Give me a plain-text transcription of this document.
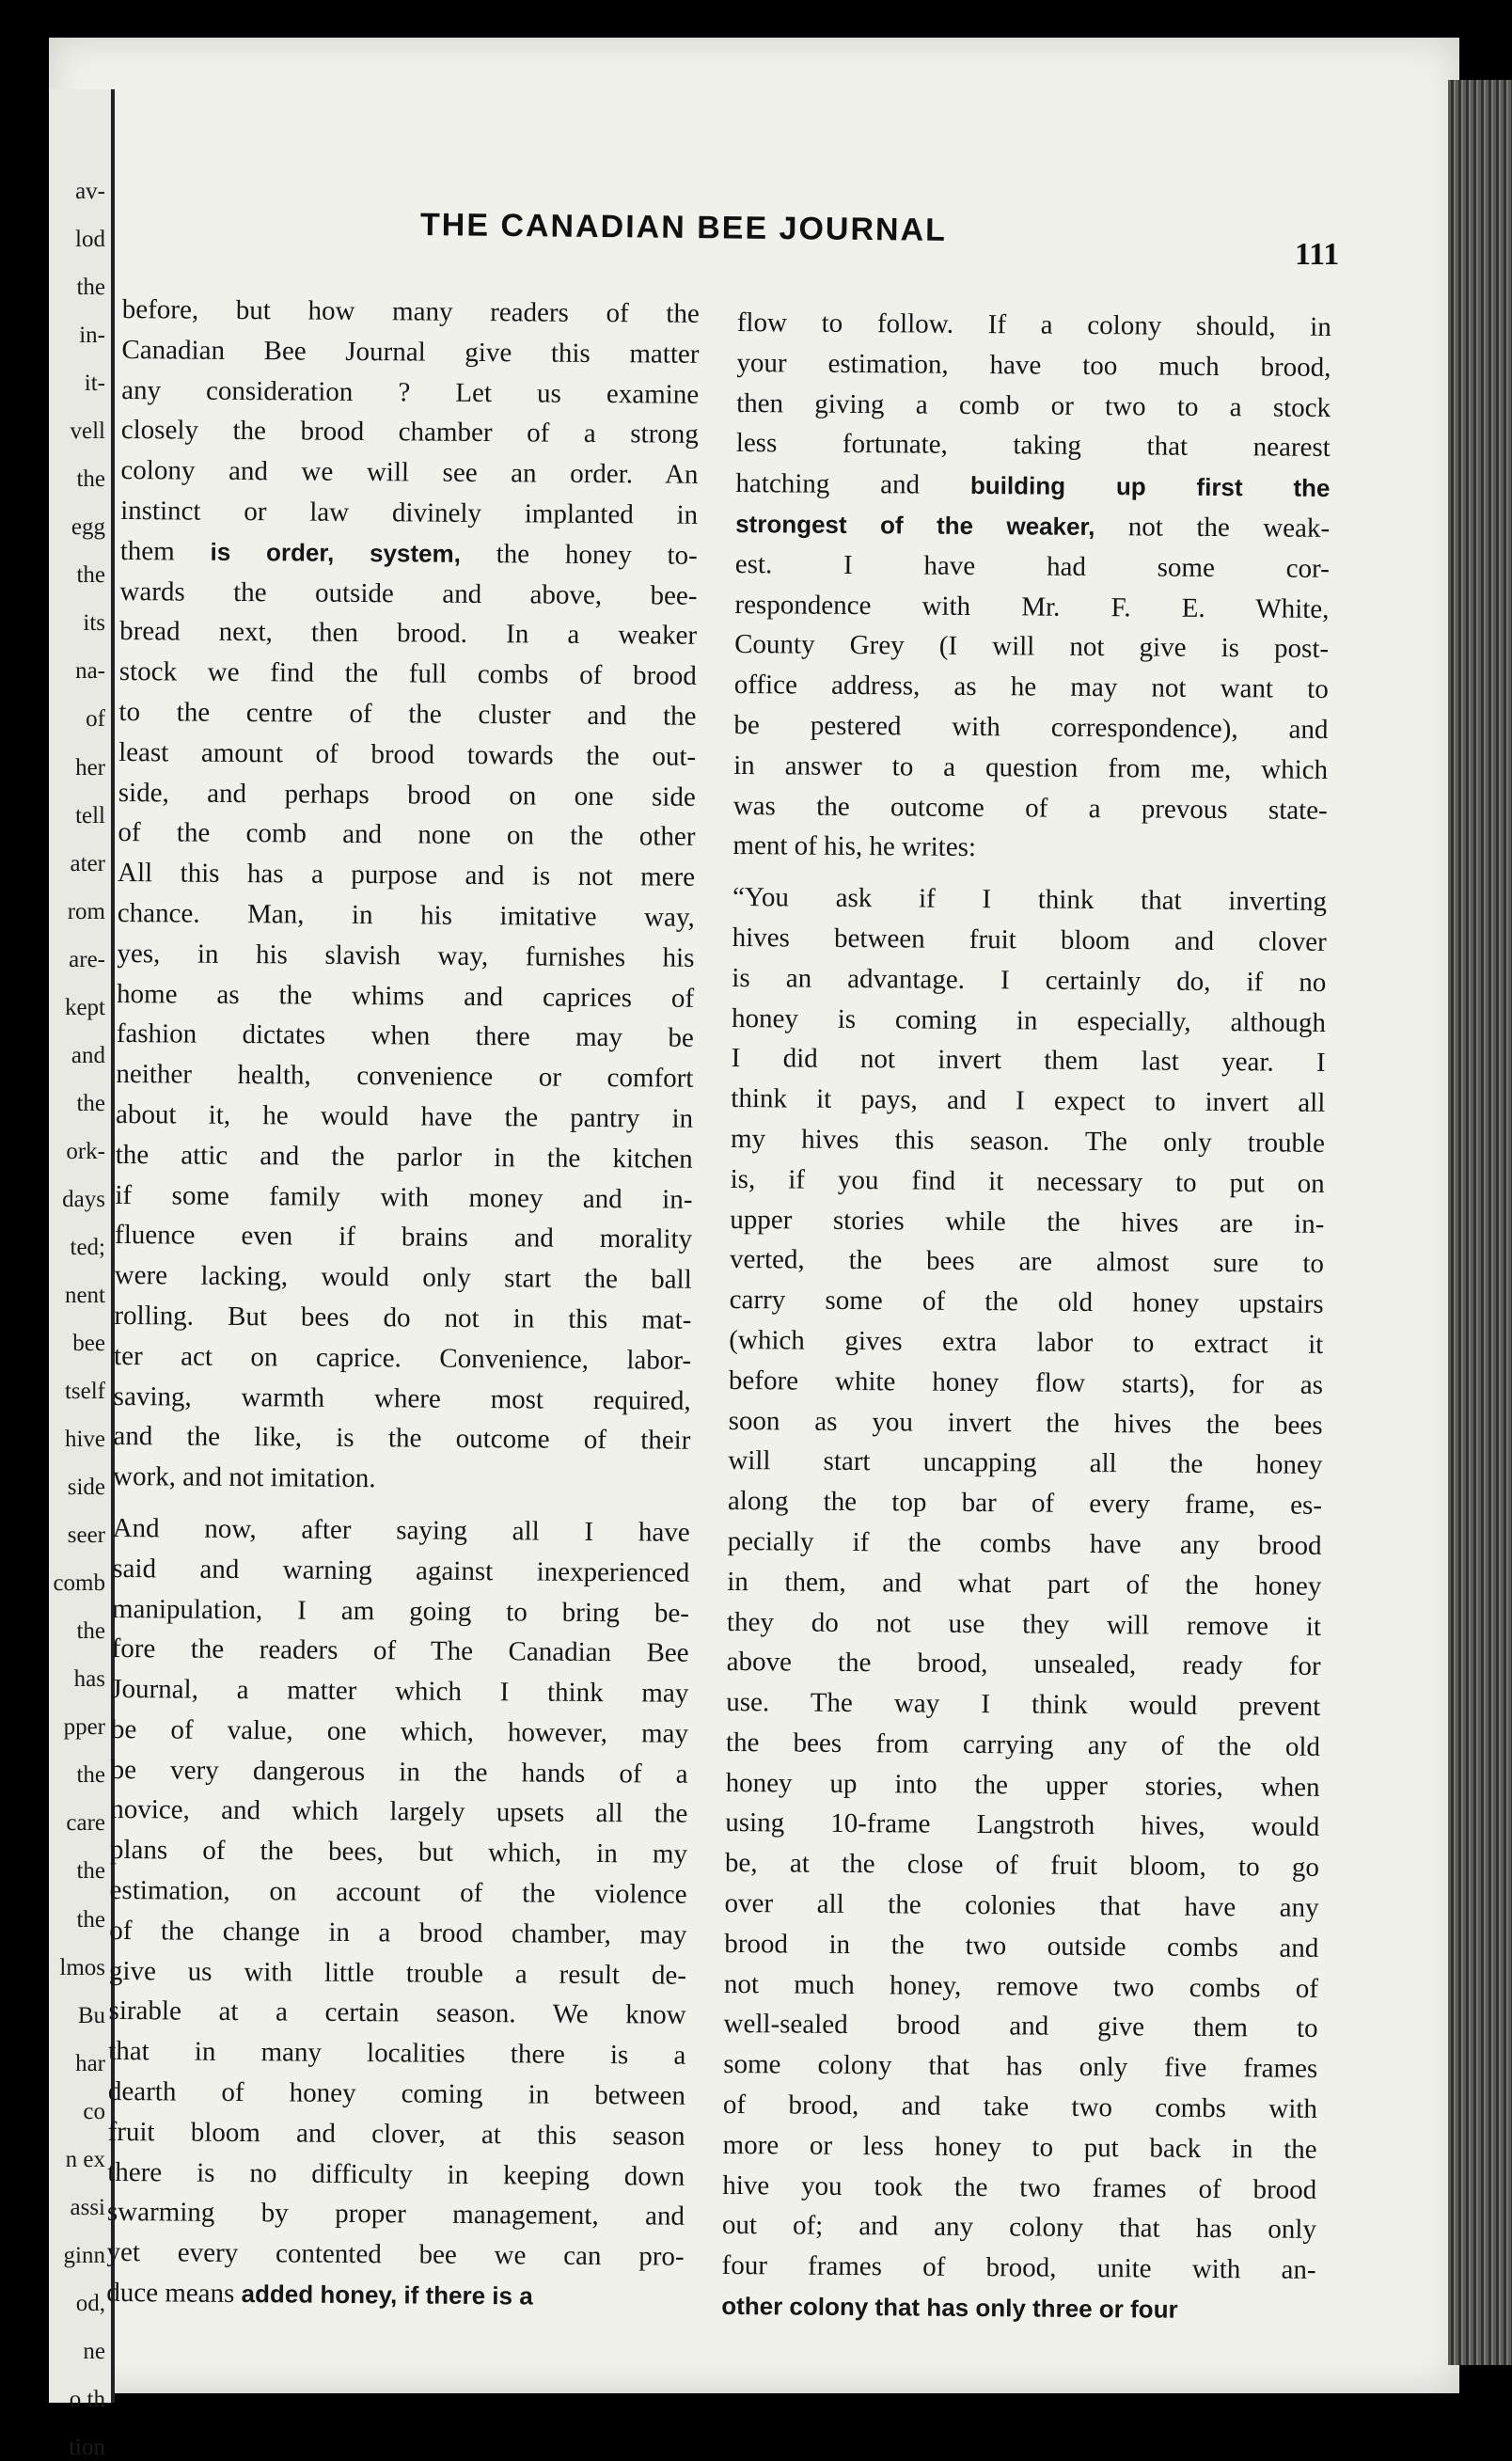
av-
lod
the
in-
it-
vell
the
egg
the
its
na-
of
her
tell
ater
rom
are-
kept
and
the
ork-
days
ted;
nent
bee
tself
hive
side
seer
comb
the
has
pper
the
care
the
the
lmos
Bu
har
co
n ex
assi
ginn
od,
ne
o th
tion
THE CANADIAN BEE JOURNAL
111
before, but how many readers of the
Canadian Bee Journal give this matter
any consideration ? Let us examine
closely the brood chamber of a strong
colony and we will see an order. An
instinct or law divinely implanted in
them is order, system, the honey to-
wards the outside and above, bee-
bread next, then brood. In a weaker
stock we find the full combs of brood
to the centre of the cluster and the
least amount of brood towards the out-
side, and perhaps brood on one side
of the comb and none on the other
All this has a purpose and is not mere
chance. Man, in his imitative way,
yes, in his slavish way, furnishes his
home as the whims and caprices of
fashion dictates when there may be
neither health, convenience or comfort
about it, he would have the pantry in
the attic and the parlor in the kitchen
if some family with money and in-
fluence even if brains and morality
were lacking, would only start the ball
rolling. But bees do not in this mat-
ter act on caprice. Convenience, labor-
saving, warmth where most required,
and the like, is the outcome of their
work, and not imitation.
And now, after saying all I have
said and warning against inexperienced
manipulation, I am going to bring be-
fore the readers of The Canadian Bee
Journal, a matter which I think may
be of value, one which, however, may
be very dangerous in the hands of a
novice, and which largely upsets all the
plans of the bees, but which, in my
estimation, on account of the violence
of the change in a brood chamber, may
give us with little trouble a result de-
sirable at a certain season. We know
that in many localities there is a
dearth of honey coming in between
fruit bloom and clover, at this season
there is no difficulty in keeping down
swarming by proper management, and
yet every contented bee we can pro-
duce means added honey, if there is a
flow to follow. If a colony should, in
your estimation, have too much brood,
then giving a comb or two to a stock
less fortunate, taking that nearest
hatching and building up first the
strongest of the weaker, not the weak-
est. I have had some cor-
respondence with Mr. F. E. White,
County Grey (I will not give is post-
office address, as he may not want to
be pestered with correspondence), and
in answer to a question from me, which
was the outcome of a prevous state-
ment of his, he writes:
“You ask if I think that inverting
hives between fruit bloom and clover
is an advantage. I certainly do, if no
honey is coming in especially, although
I did not invert them last year. I
think it pays, and I expect to invert all
my hives this season. The only trouble
is, if you find it necessary to put on
upper stories while the hives are in-
verted, the bees are almost sure to
carry some of the old honey upstairs
(which gives extra labor to extract it
before white honey flow starts), for as
soon as you invert the hives the bees
will start uncapping all the honey
along the top bar of every frame, es-
pecially if the combs have any brood
in them, and what part of the honey
they do not use they will remove it
above the brood, unsealed, ready for
use. The way I think would prevent
the bees from carrying any of the old
honey up into the upper stories, when
using 10-frame Langstroth hives, would
be, at the close of fruit bloom, to go
over all the colonies that have any
brood in the two outside combs and
not much honey, remove two combs of
well-sealed brood and give them to
some colony that has only five frames
of brood, and take two combs with
more or less honey to put back in the
hive you took the two frames of brood
out of; and any colony that has only
four frames of brood, unite with an-
other colony that has only three or four
